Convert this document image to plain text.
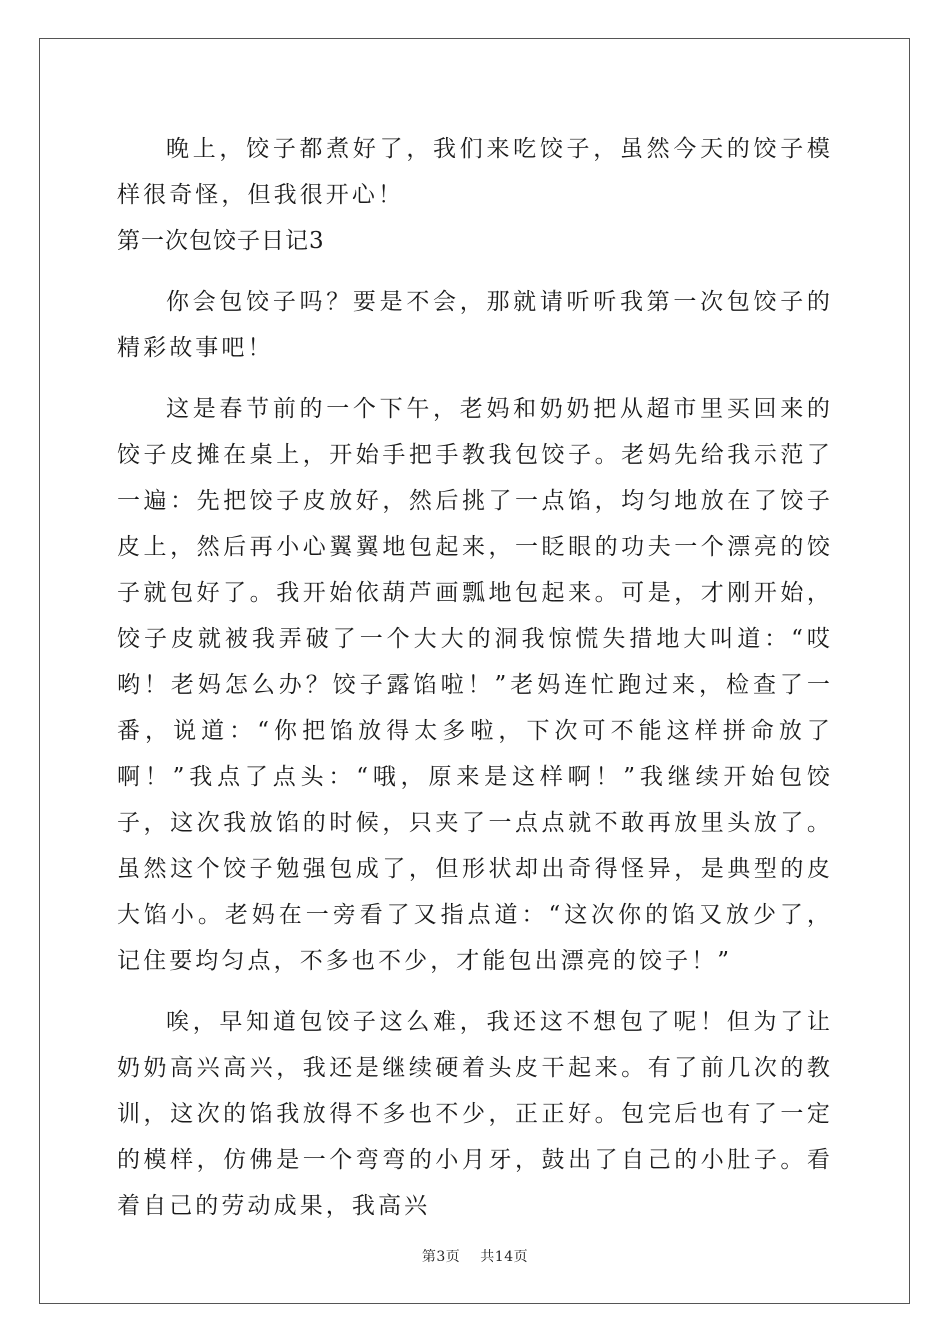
晚上，饺子都煮好了，我们来吃饺子，虽然今天的饺子模样很奇怪，但我很开心！

第一次包饺子日记3

你会包饺子吗？要是不会，那就请听听我第一次包饺子的精彩故事吧！

这是春节前的一个下午，老妈和奶奶把从超市里买回来的饺子皮摊在桌上，开始手把手教我包饺子。老妈先给我示范了一遍：先把饺子皮放好，然后挑了一点馅，均匀地放在了饺子皮上，然后再小心翼翼地包起来，一眨眼的功夫一个漂亮的饺子就包好了。我开始依葫芦画瓢地包起来。可是，才刚开始，饺子皮就被我弄破了一个大大的洞我惊慌失措地大叫道：“哎哟！老妈怎么办？饺子露馅啦！”老妈连忙跑过来，检查了一番，说道：“你把馅放得太多啦，下次可不能这样拼命放了啊！”我点了点头：“哦，原来是这样啊！”我继续开始包饺子，这次我放馅的时候，只夹了一点点就不敢再放里头放了。虽然这个饺子勉强包成了，但形状却出奇得怪异，是典型的皮大馅小。老妈在一旁看了又指点道：“这次你的馅又放少了，记住要均匀点，不多也不少，才能包出漂亮的饺子！”

唉，早知道包饺子这么难，我还这不想包了呢！但为了让奶奶高兴高兴，我还是继续硬着头皮干起来。有了前几次的教训，这次的馅我放得不多也不少，正正好。包完后也有了一定的模样，仿佛是一个弯弯的小月牙，鼓出了自己的小肚子。看着自己的劳动成果，我高兴

第3页 共14页
